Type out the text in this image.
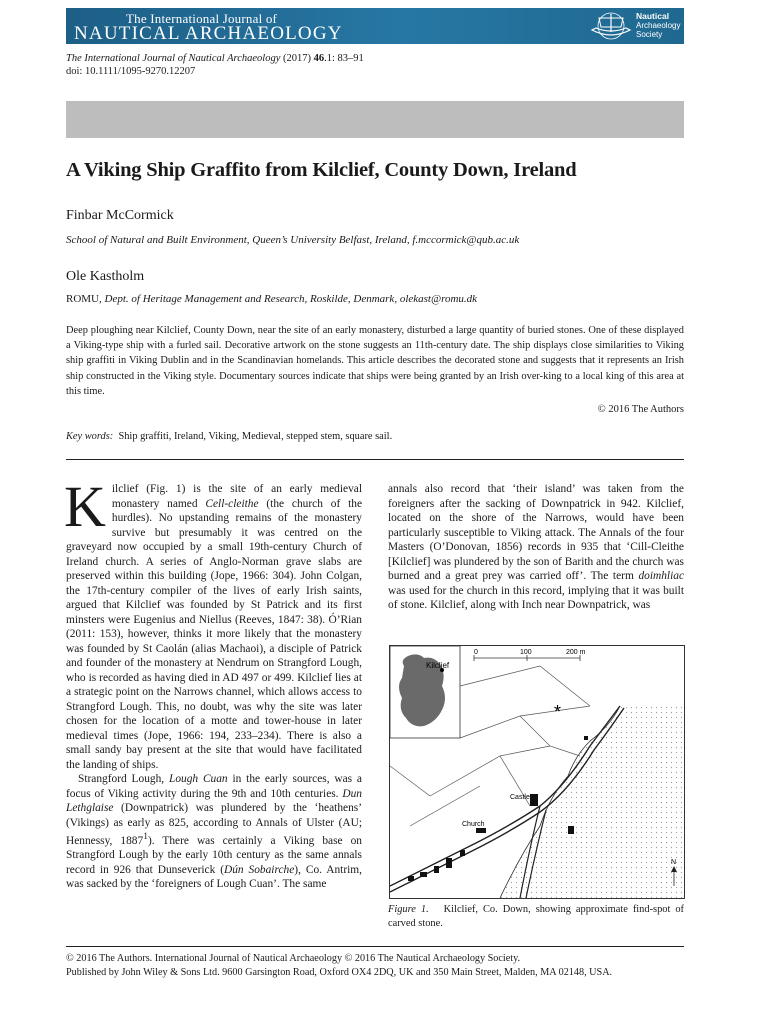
The International Journal of
NAUTICAL ARCHAEOLOGY
Nautical
Archaeology
Society
The International Journal of Nautical Archaeology (2017) 46.1: 83–91
doi: 10.1111/1095-9270.12207
A Viking Ship Graffito from Kilclief, County Down, Ireland
Finbar McCormick
School of Natural and Built Environment, Queen’s University Belfast, Ireland, f.mccormick@qub.ac.uk
Ole Kastholm
ROMU, Dept. of Heritage Management and Research, Roskilde, Denmark, olekast@romu.dk
Deep ploughing near Kilclief, County Down, near the site of an early monastery, disturbed a large quantity of buried stones. One of these displayed a Viking-type ship with a furled sail. Decorative artwork on the stone suggests an 11th-century date. The ship displays close similarities to Viking ship graffiti in Viking Dublin and in the Scandinavian homelands. This article describes the decorated stone and suggests that it represents an Irish ship constructed in the Viking style. Documentary sources indicate that ships were being granted by an Irish over-king to a local king of this area at this time.
© 2016 The Authors
Key words: Ship graffiti, Ireland, Viking, Medieval, stepped stem, square sail.

Kilclief (Fig. 1) is the site of an early medieval monastery named Cell-cleithe (the church of the hurdles). No upstanding remains of the monastery survive but presumably it was centred on the graveyard now occupied by a small 19th-century Church of Ireland church. A series of Anglo-Norman grave slabs are preserved within this building (Jope, 1966: 304). John Colgan, the 17th-century compiler of the lives of early Irish saints, argued that Kilclief was founded by St Patrick and its first minsters were Eugenius and Niellus (Reeves, 1847: 38). Ó’Rian (2011: 153), however, thinks it more likely that the monastery was founded by St Caolán (alias Machaoi), a disciple of Patrick and founder of the monastery at Nendrum on Strangford Lough, who is recorded as having died in AD 497 or 499. Kilclief lies at a strategic point on the Narrows channel, which allows access to Strangford Lough. This, no doubt, was why the site was later chosen for the location of a motte and tower-house in later medieval times (Jope, 1966: 194, 233–234). There is also a small sandy bay present at the site that would have facilitated the landing of ships.

Strangford Lough, Lough Cuan in the early sources, was a focus of Viking activity during the 9th and 10th centuries. Dun Lethglaise (Downpatrick) was plundered by the ‘heathens’ (Vikings) as early as 825, according to Annals of Ulster (AU; Hennessy, 1887$^1$). There was certainly a Viking base on Strangford Lough by the early 10th century as the same annals record in 926 that Dunseverick (Dún Sobairche), Co. Antrim, was sacked by the ‘foreigners of Lough Cuan’. The same

annals also record that ‘their island’ was taken from the foreigners after the sacking of Downpatrick in 942. Kilclief, located on the shore of the Narrows, would have been particularly susceptible to Viking attack. The Annals of the four Masters (O’Donovan, 1856) records in 935 that ‘Cill-Cleithe [Kilclief] was plundered by the son of Barith and the church was burned and a great prey was carried off’. The term doimhliac was used for the church in this record, implying that it was built of stone. Kilclief, along with Inch near Downpatrick, was

Kilclief
0	100	200 m
Castle
Church
*
N
Figure 1. Kilclief, Co. Down, showing approximate find-spot of carved stone.
© 2016 The Authors. International Journal of Nautical Archaeology © 2016 The Nautical Archaeology Society.
Published by John Wiley & Sons Ltd. 9600 Garsington Road, Oxford OX4 2DQ, UK and 350 Main Street, Malden, MA 02148, USA.
